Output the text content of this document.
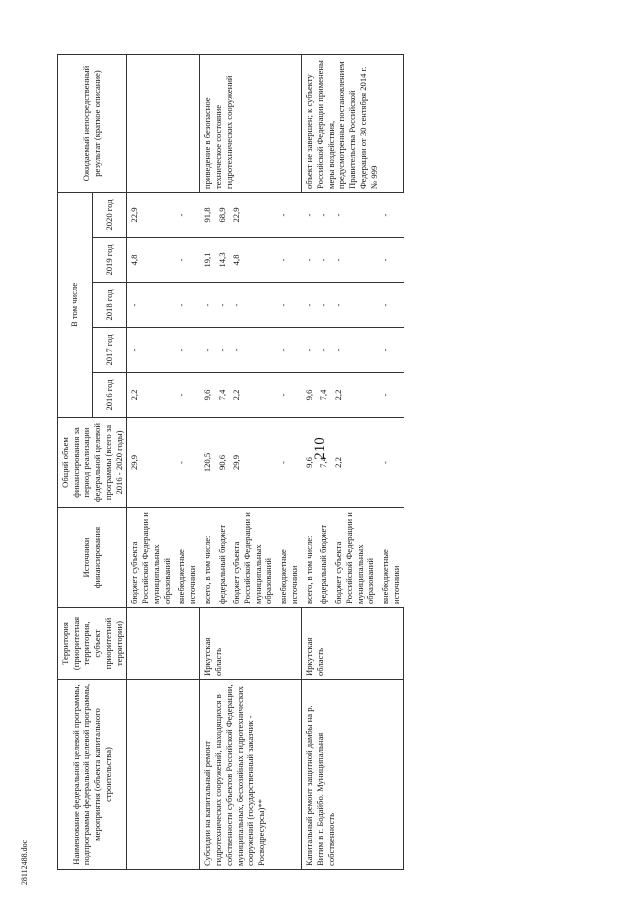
210
28112488.doc	Наименование федеральной целевой программы, подпрограммы федеральной целевой программы, мероприятия (объекта капитального строительства)	Территория (приоритетная территория, субъект приоритетной территории)	Источники финансирования	Общий объем финансирования за период реализации федеральной целевой программы (всего за 2016 - 2020 годы)	В том числе					Ожидаемый непосредственный результат (краткое описание)
				2016 год	2017 год	2018 год	2019 год	2020 год	
		бюджет субъекта Российской Федерации и муниципальных образований	29,9	2,2	-	-	4,8	22,9	
		внебюджетные источники	-	-	-	-	-	-	
Субсидии на капитальный ремонт гидротехнических сооружений, находящихся в собственности субъектов Российской Федерации, муниципальных, бесхозяйных гидротехнических сооружений (государственный заказчик - Росводресурсы)**	Иркутская область	всего, в том числе:	120,5	9,6	-	-	19,1	91,8	приведение в безопасное техническое состояние гидротехнических сооружений
		федеральный бюджет	90,6	7,4	-	-	14,3	68,9	
		бюджет субъекта Российской Федерации и муниципальных образований	29,9	2,2	-	-	4,8	22,9	
		внебюджетные источники	-	-	-	-	-	-	
Капитальный ремонт защитной дамбы на р. Витим в г. Бодайбо. Муниципальная собственность	Иркутская область	всего, в том числе:	9,6	9,6	-	-	-	-	объект не завершен; к субъекту Российской Федерации применены меры воздействия, предусмотренные постановлением Правительства Российской Федерации от 30 сентября 2014 г. № 999
		федеральный бюджет	7,4	7,4	-	-	-	-	
		бюджет субъекта Российской Федерации и муниципальных образований	2,2	2,2	-	-	-	-	
		внебюджетные источники	-	-	-	-	-	-	
